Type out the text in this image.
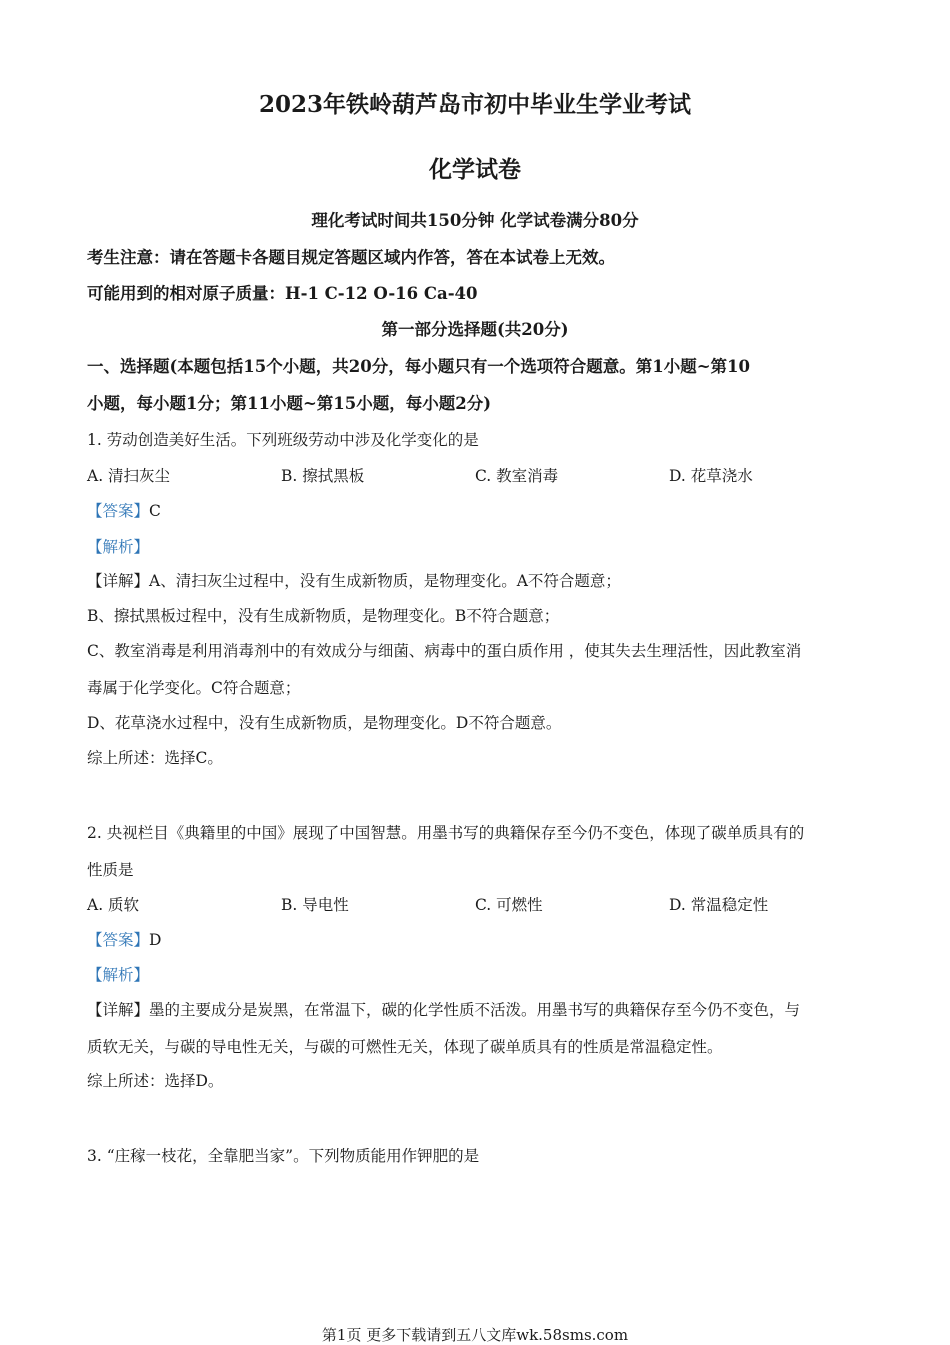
2023年铁岭葫芦岛市初中毕业生学业考试
化学试卷
理化考试时间共150分钟 化学试卷满分80分
考生注意：请在答题卡各题目规定答题区域内作答，答在本试卷上无效。
可能用到的相对原子质量：H-1 C-12 O-16 Ca-40
第一部分选择题(共20分)
一、选择题(本题包括15个小题，共20分，每小题只有一个选项符合题意。第1小题~第10
小题，每小题1分；第11小题~第15小题，每小题2分)
1. 劳动创造美好生活。下列班级劳动中涉及化学变化的是
A. 清扫灰尘	B. 擦拭黑板	C. 教室消毒	D. 花草浇水
【答案】C
【解析】
【详解】A、清扫灰尘过程中，没有生成新物质，是物理变化。A不符合题意；
B、擦拭黑板过程中，没有生成新物质，是物理变化。B不符合题意；
C、教室消毒是利用消毒剂中的有效成分与细菌、病毒中的蛋白质作用 ，使其失去生理活性，因此教室消
毒属于化学变化。C符合题意；
D、花草浇水过程中，没有生成新物质，是物理变化。D不符合题意。
综上所述：选择C。
2. 央视栏目《典籍里的中国》展现了中国智慧。用墨书写的典籍保存至今仍不变色，体现了碳单质具有的
性质是
A. 质软	B. 导电性	C. 可燃性	D. 常温稳定性
【答案】D
【解析】
【详解】墨的主要成分是炭黑，在常温下，碳的化学性质不活泼。用墨书写的典籍保存至今仍不变色，与
质软无关，与碳的导电性无关，与碳的可燃性无关，体现了碳单质具有的性质是常温稳定性。
综上所述：选择D。
3. “庄稼一枝花，全靠肥当家”。下列物质能用作钾肥的是
第1页 更多下载请到五八文库wk.58sms.com
